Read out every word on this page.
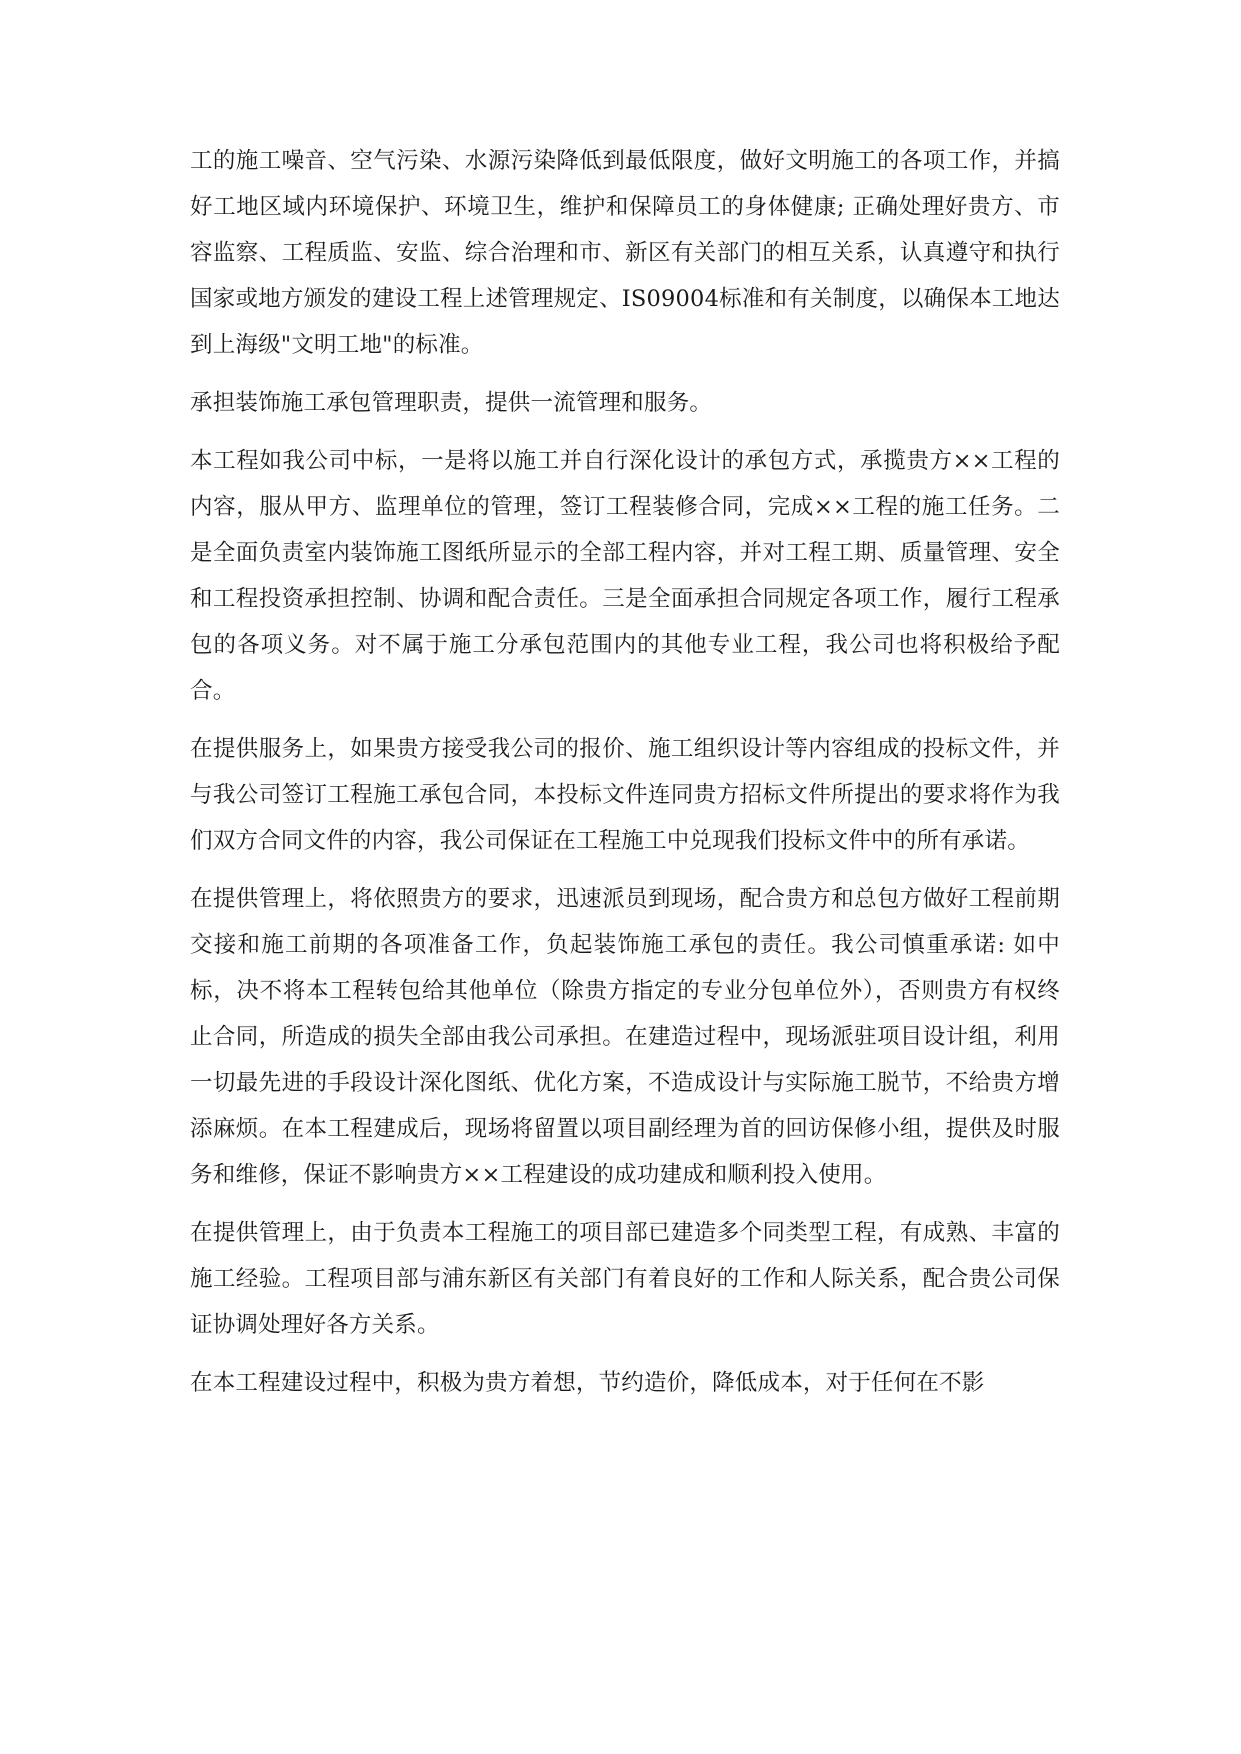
工的施工噪音、空气污染、水源污染降低到最低限度，做好文明施工的各项工作，并搞好工地区域内环境保护、环境卫生，维护和保障员工的身体健康; 正确处理好贵方、市容监察、工程质监、安监、综合治理和市、新区有关部门的相互关系，认真遵守和执行国家或地方颁发的建设工程上述管理规定、IS09004标准和有关制度，以确保本工地达到上海级"文明工地"的标准。

承担装饰施工承包管理职责，提供一流管理和服务。

本工程如我公司中标，一是将以施工并自行深化设计的承包方式，承揽贵方××工程的内容，服从甲方、监理单位的管理，签订工程装修合同，完成××工程的施工任务。二是全面负责室内装饰施工图纸所显示的全部工程内容，并对工程工期、质量管理、安全和工程投资承担控制、协调和配合责任。三是全面承担合同规定各项工作，履行工程承包的各项义务。对不属于施工分承包范围内的其他专业工程，我公司也将积极给予配合。

在提供服务上，如果贵方接受我公司的报价、施工组织设计等内容组成的投标文件，并与我公司签订工程施工承包合同，本投标文件连同贵方招标文件所提出的要求将作为我们双方合同文件的内容，我公司保证在工程施工中兑现我们投标文件中的所有承诺。

在提供管理上，将依照贵方的要求，迅速派员到现场，配合贵方和总包方做好工程前期交接和施工前期的各项准备工作，负起装饰施工承包的责任。我公司慎重承诺: 如中标，决不将本工程转包给其他单位（除贵方指定的专业分包单位外），否则贵方有权终止合同，所造成的损失全部由我公司承担。在建造过程中，现场派驻项目设计组，利用一切最先进的手段设计深化图纸、优化方案，不造成设计与实际施工脱节，不给贵方增添麻烦。在本工程建成后，现场将留置以项目副经理为首的回访保修小组，提供及时服务和维修，保证不影响贵方××工程建设的成功建成和顺利投入使用。

在提供管理上，由于负责本工程施工的项目部已建造多个同类型工程，有成熟、丰富的施工经验。工程项目部与浦东新区有关部门有着良好的工作和人际关系，配合贵公司保证协调处理好各方关系。

在本工程建设过程中，积极为贵方着想，节约造价，降低成本，对于任何在不影
